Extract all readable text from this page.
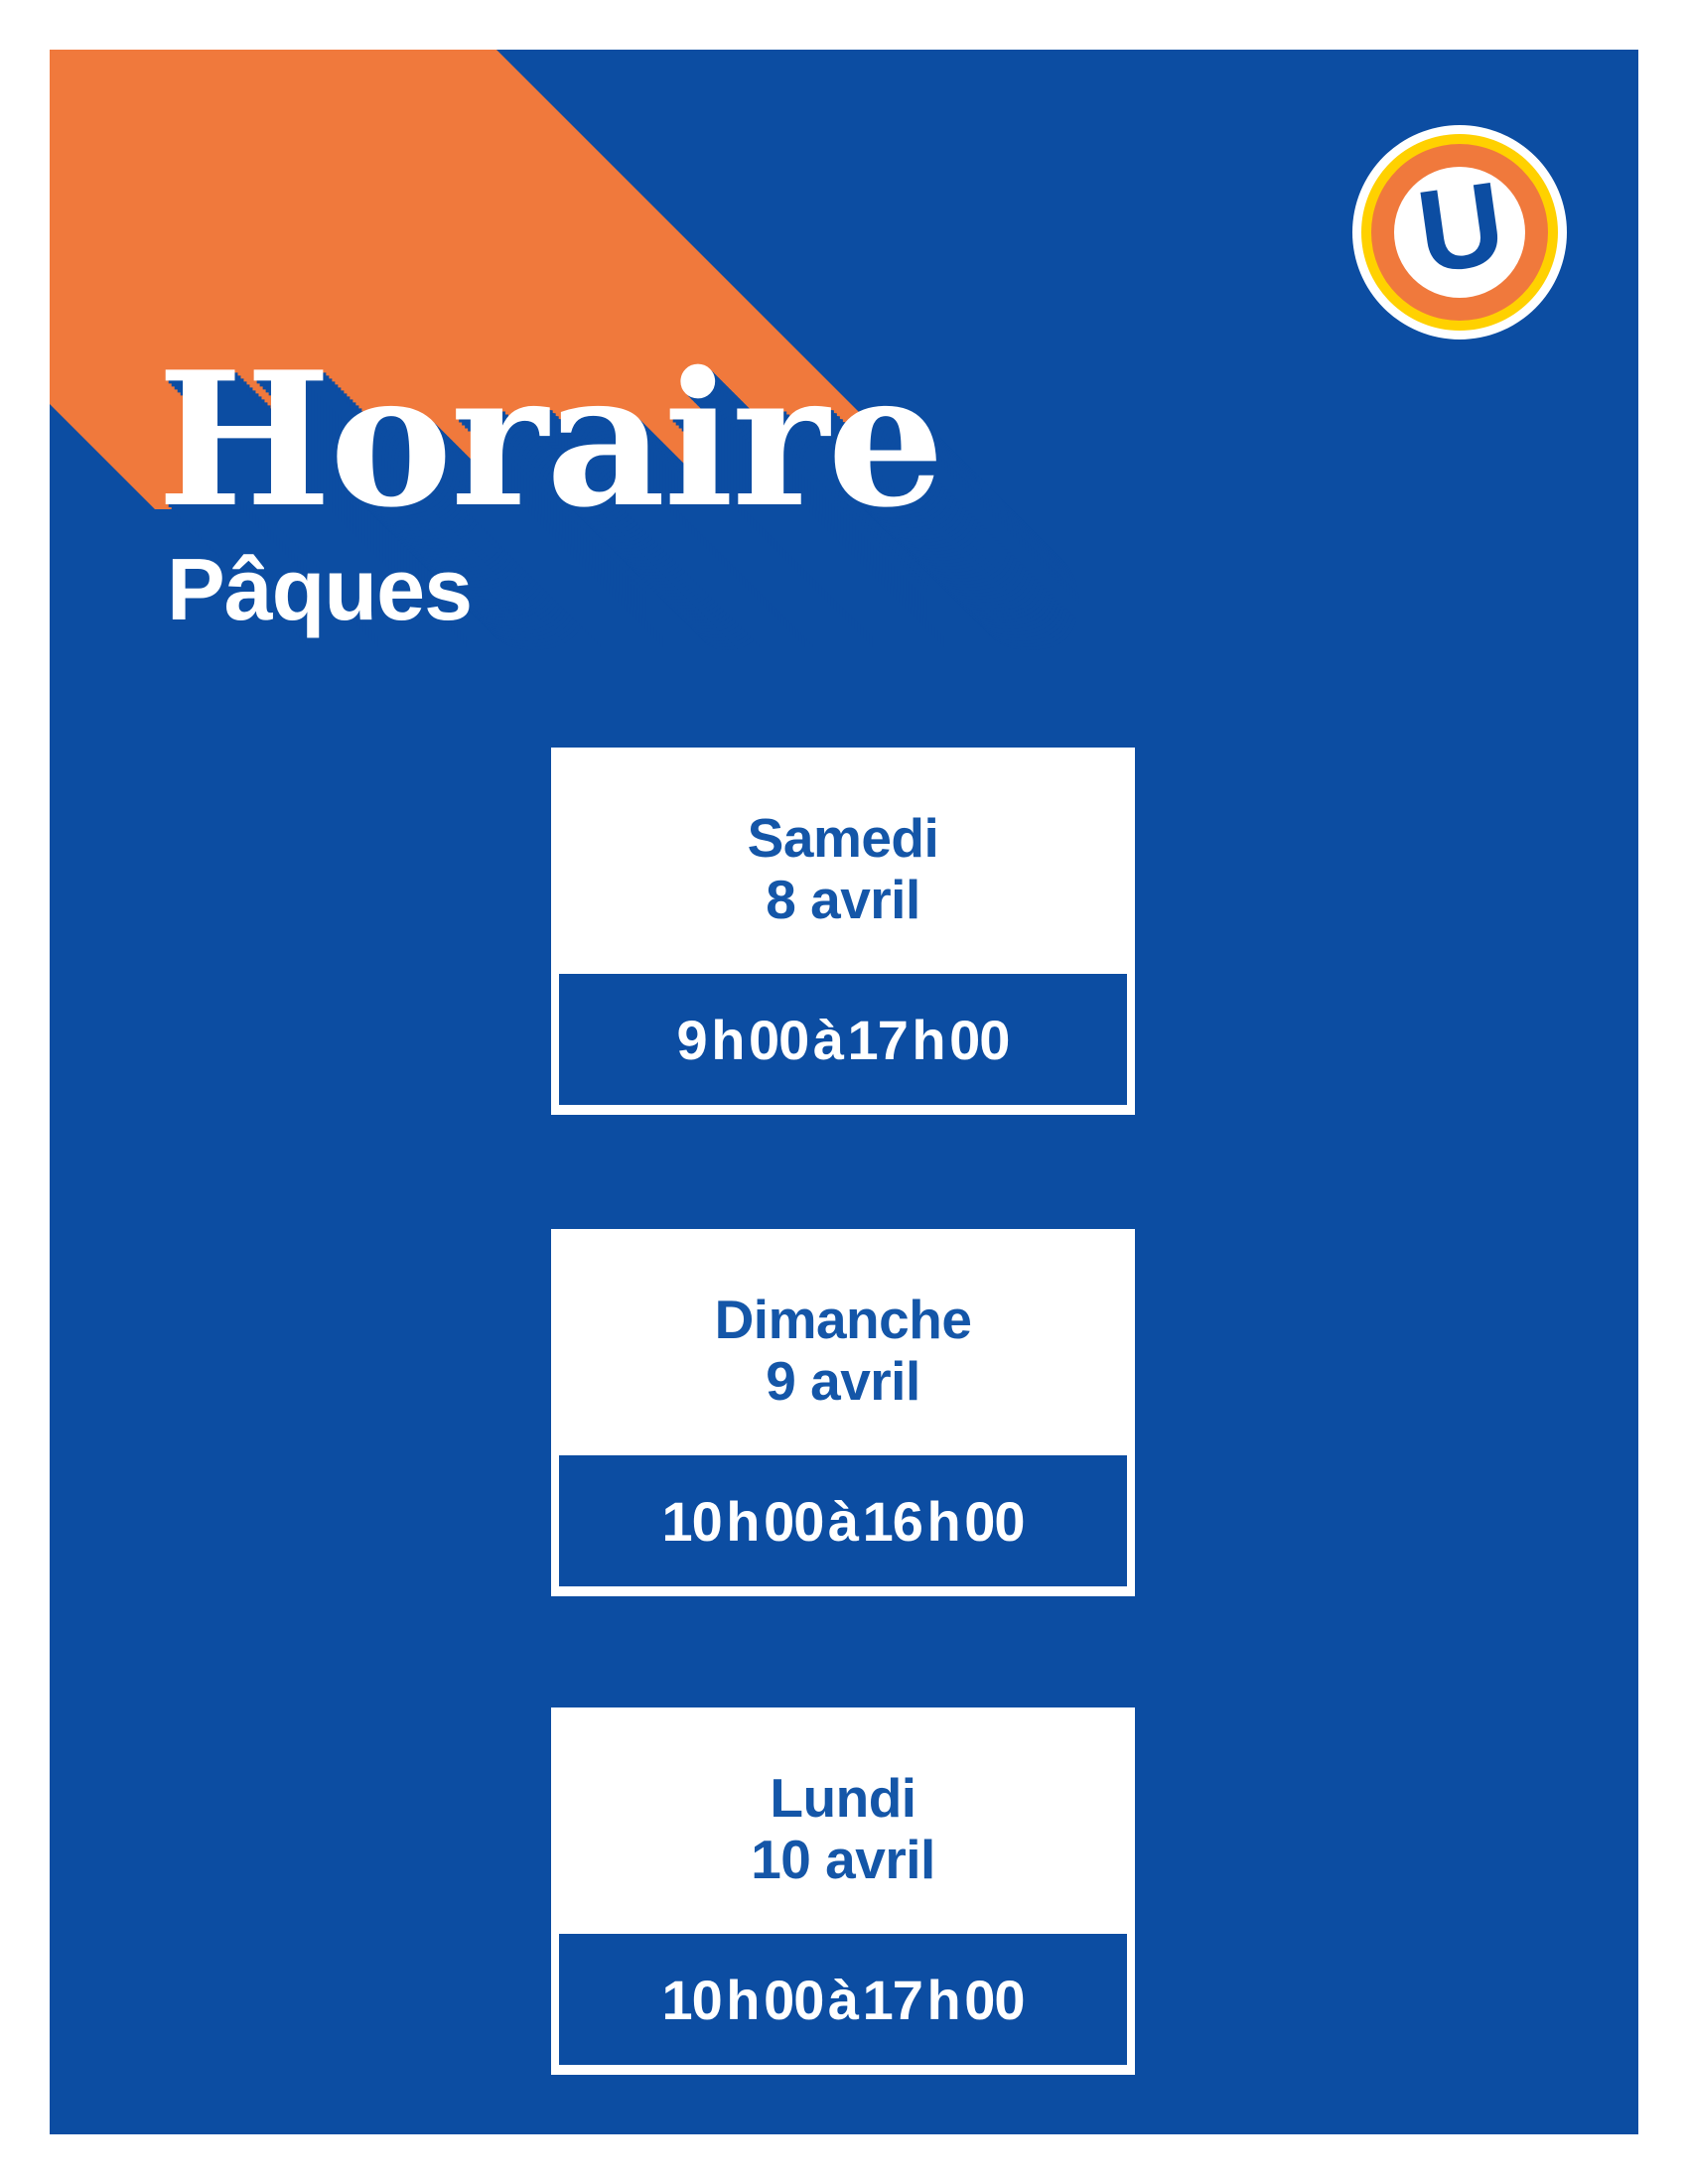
Horaire
Pâques
U
Samedi
8 avril
9 h 00 à 17 h 00
Dimanche
9 avril
10 h 00 à 16 h 00
Lundi
10 avril
10 h 00 à 17 h 00
